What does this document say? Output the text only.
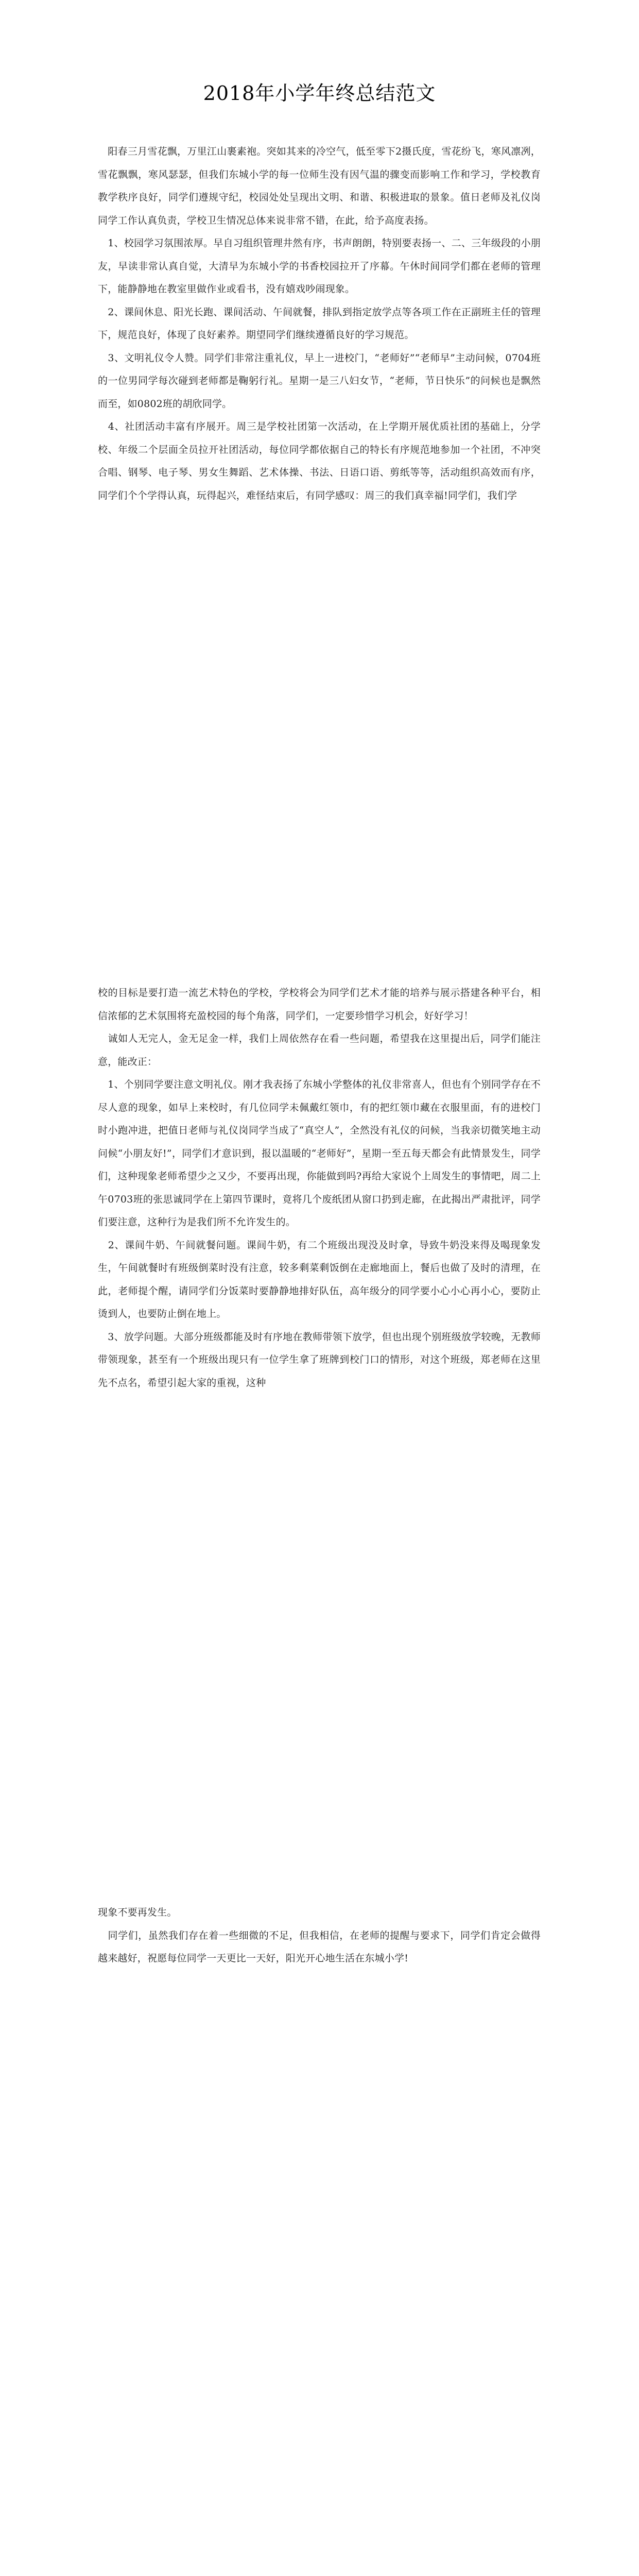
2018年小学年终总结范文

　阳春三月雪花飘，万里江山裹素袍。突如其来的冷空气，低至零下2摄氏度，雪花纷飞，寒风凛冽，雪花飘飘，寒风瑟瑟，但我们东城小学的每一位师生没有因气温的骤变而影响工作和学习，学校教育教学秩序良好，同学们遵规守纪，校园处处呈现出文明、和谐、积极进取的景象。值日老师及礼仪岗同学工作认真负责，学校卫生情况总体来说非常不错，在此，给予高度表扬。

　1、校园学习氛围浓厚。早自习组织管理井然有序，书声朗朗，特别要表扬一、二、三年级段的小朋友，早读非常认真自觉，大清早为东城小学的书香校园拉开了序幕。午休时间同学们都在老师的管理下，能静静地在教室里做作业或看书，没有嬉戏吵闹现象。

　2、课间休息、阳光长跑、课间活动、午间就餐，排队到指定放学点等各项工作在正副班主任的管理下，规范良好，体现了良好素养。期望同学们继续遵循良好的学习规范。

　3、文明礼仪令人赞。同学们非常注重礼仪，早上一进校门，“老师好”“老师早”主动问候，0704班的一位男同学每次碰到老师都是鞠躬行礼。星期一是三八妇女节，“老师，节日快乐”的问候也是飘然而至，如0802班的胡欣同学。

　4、社团活动丰富有序展开。周三是学校社团第一次活动，在上学期开展优质社团的基础上，分学校、年级二个层面全员拉开社团活动，每位同学都依据自己的特长有序规范地参加一个社团，不冲突 合唱、钢琴、电子琴、男女生舞蹈、艺术体操、书法、日语口语、剪纸等等，活动组织高效而有序，同学们个个学得认真，玩得起兴，难怪结束后，有同学感叹：周三的我们真幸福!同学们，我们学

校的目标是要打造一流艺术特色的学校，学校将会为同学们艺术才能的培养与展示搭建各种平台，相信浓郁的艺术氛围将充盈校园的每个角落，同学们，一定要珍惜学习机会，好好学习！

　诚如人无完人，金无足金一样，我们上周依然存在看一些问题，希望我在这里提出后，同学们能注意，能改正：

　1、个别同学要注意文明礼仪。刚才我表扬了东城小学整体的礼仪非常喜人，但也有个别同学存在不尽人意的现象，如早上来校时，有几位同学未佩戴红领巾，有的把红领巾藏在衣服里面，有的进校门时小跑冲进，把值日老师与礼仪岗同学当成了“真空人”，全然没有礼仪的问候，当我亲切微笑地主动问候“小朋友好!”，同学们才意识到，报以温暖的“老师好”，星期一至五每天都会有此情景发生，同学们，这种现象老师希望少之又少，不要再出现，你能做到吗?再给大家说个上周发生的事情吧，周二上午0703班的张思诚同学在上第四节课时，竟将几个废纸团从窗口扔到走廊，在此揭出严肃批评，同学们要注意，这种行为是我们所不允许发生的。

　2、课间牛奶、午间就餐问题。课间牛奶，有二个班级出现没及时拿，导致牛奶没来得及喝现象发生，午间就餐时有班级倒菜时没有注意，较多剩菜剩饭倒在走廊地面上，餐后也做了及时的清理，在此，老师提个醒，请同学们分饭菜时要静静地排好队伍，高年级分的同学要小心小心再小心，要防止烫到人，也要防止倒在地上。

　3、放学问题。大部分班级都能及时有序地在教师带领下放学，但也出现个别班级放学较晚，无教师带领现象，甚至有一个班级出现只有一位学生拿了班牌到校门口的情形，对这个班级，郑老师在这里先不点名，希望引起大家的重视，这种

现象不要再发生。

　同学们，虽然我们存在着一些细微的不足，但我相信，在老师的提醒与要求下，同学们肯定会做得越来越好，祝愿每位同学一天更比一天好，阳光开心地生活在东城小学!
